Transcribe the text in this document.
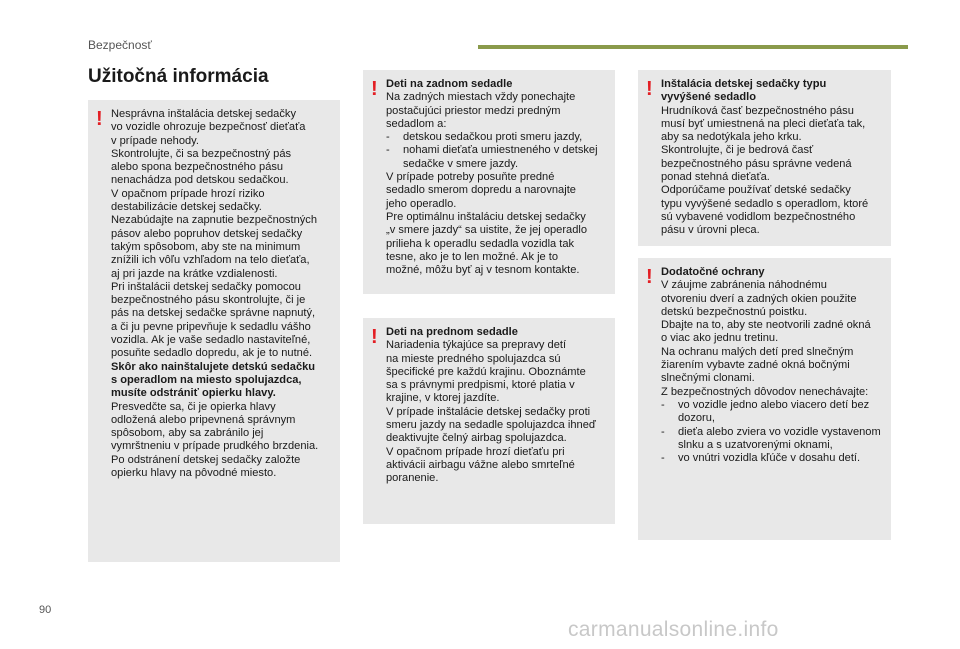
Bezpečnosť
Užitočná informácia
! Nesprávna inštalácia detskej sedačky

vo vozidle ohrozuje bezpečnosť dieťaťa

v prípade nehody.

Skontrolujte, či sa bezpečnostný pás

alebo spona bezpečnostného pásu

nenachádza pod detskou sedačkou.

V opačnom prípade hrozí riziko

destabilizácie detskej sedačky.

Nezabúdajte na zapnutie bezpečnostných

pásov alebo popruhov detskej sedačky

takým spôsobom, aby ste na minimum

znížili ich vôľu vzhľadom na telo dieťaťa,

aj pri jazde na krátke vzdialenosti.

Pri inštalácii detskej sedačky pomocou

bezpečnostného pásu skontrolujte, či je

pás na detskej sedačke správne napnutý,

a či ju pevne pripevňuje k sedadlu vášho

vozidla. Ak je vaše sedadlo nastaviteľné,

posuňte sedadlo dopredu, ak je to nutné.

Skôr ako nainštalujete detskú sedačku

s operadlom na miesto spolujazdca,

musíte odstrániť opierku hlavy.

Presvedčte sa, či je opierka hlavy

odložená alebo pripevnená správnym

spôsobom, aby sa zabránilo jej

vymrštneniu v prípade prudkého brzdenia.

Po odstránení detskej sedačky založte

opierku hlavy na pôvodné miesto.

! Deti na zadnom sedadle

Na zadných miestach vždy ponechajte

postačujúci priestor medzi predným

sedadlom a:

-	detskou sedačkou proti smeru jazdy,
-	nohami dieťaťa umiestneného v detskej sedačke v smere jazdy.

V prípade potreby posuňte predné

sedadlo smerom dopredu a narovnajte

jeho operadlo.

Pre optimálnu inštaláciu detskej sedačky

„v smere jazdy“ sa uistite, že jej operadlo

prilieha k operadlu sedadla vozidla tak

tesne, ako je to len možné. Ak je to

možné, môžu byť aj v tesnom kontakte.

! Deti na prednom sedadle

Nariadenia týkajúce sa prepravy detí

na mieste predného spolujazdca sú

špecifické pre každú krajinu. Oboznámte

sa s právnymi predpismi, ktoré platia v

krajine, v ktorej jazdíte.

V prípade inštalácie detskej sedačky proti

smeru jazdy na sedadle spolujazdca ihneď

deaktivujte čelný airbag spolujazdca.

V opačnom prípade hrozí dieťaťu pri

aktivácii airbagu vážne alebo smrteľné

poranenie.

! Inštalácia detskej sedačky typu

vyvýšené sedadlo

Hrudníková časť bezpečnostného pásu

musí byť umiestnená na pleci dieťaťa tak,

aby sa nedotýkala jeho krku.

Skontrolujte, či je bedrová časť

bezpečnostného pásu správne vedená

ponad stehná dieťaťa.

Odporúčame používať detské sedačky

typu vyvýšené sedadlo s operadlom, ktoré

sú vybavené vodidlom bezpečnostného

pásu v úrovni pleca.

! Dodatočné ochrany

V záujme zabránenia náhodnému

otvoreniu dverí a zadných okien použite

detskú bezpečnostnú poistku.

Dbajte na to, aby ste neotvorili zadné okná

o viac ako jednu tretinu.

Na ochranu malých detí pred slnečným

žiarením vybavte zadné okná bočnými

slnečnými clonami.

Z bezpečnostných dôvodov nenechávajte:

-	vo vozidle jedno alebo viacero detí bez dozoru,
-	dieťa alebo zviera vo vozidle vystavenom slnku a s uzatvorenými oknami,
-	vo vnútri vozidla kľúče v dosahu detí.
90
carmanualsonline.info
